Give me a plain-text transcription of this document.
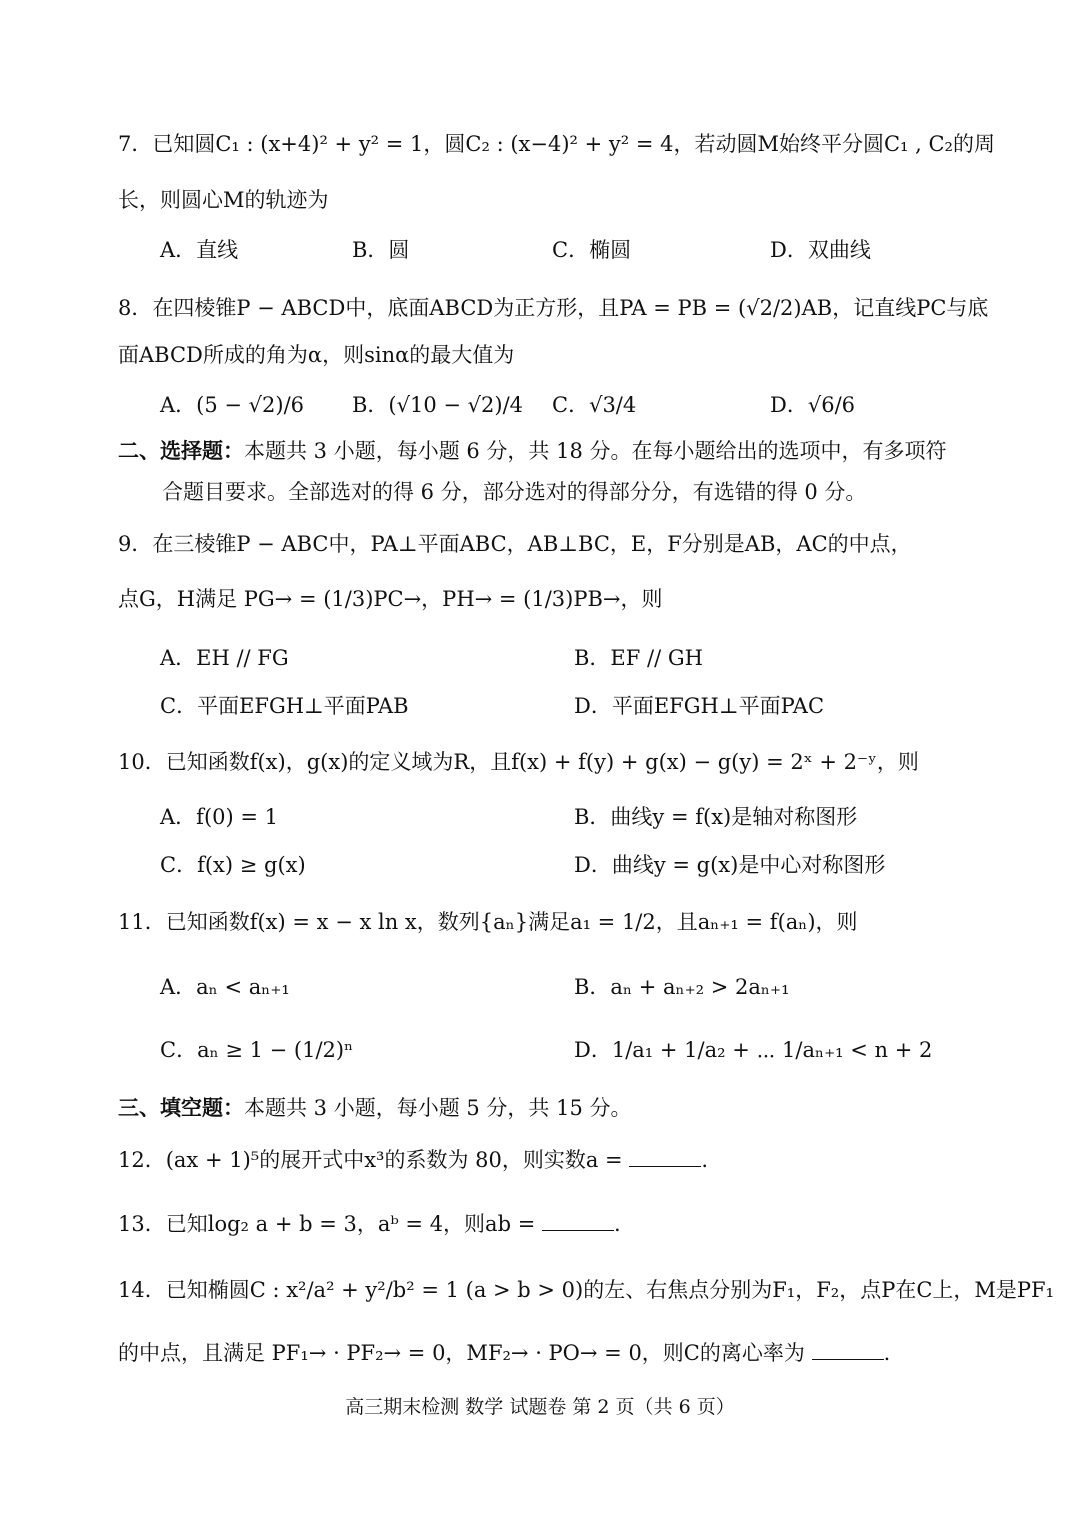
7．已知圆C₁ : (x+4)² + y² = 1，圆C₂ : (x−4)² + y² = 4，若动圆M始终平分圆C₁ , C₂的周
长，则圆心M的轨迹为
A．直线	B．圆	C．椭圆	D．双曲线
8．在四棱锥P − ABCD中，底面ABCD为正方形，且PA = PB = (√2/2)AB，记直线PC与底
面ABCD所成的角为α，则sinα的最大值为
A．(5 − √2)/6 B．(√10 − √2)/4 C．√3/4	D．√6/6
二、选择题：本题共 3 小题，每小题 6 分，共 18 分。在每小题给出的选项中，有多项符
合题目要求。全部选对的得 6 分，部分选对的得部分分，有选错的得 0 分。
9．在三棱锥P − ABC中，PA⊥平面ABC，AB⊥BC，E，F分别是AB，AC的中点，
点G，H满足 PG→ = (1/3)PC→，PH→ = (1/3)PB→，则
A．EH // FG	B．EF // GH
C．平面EFGH⊥平面PAB	D．平面EFGH⊥平面PAC
10．已知函数f(x)，g(x)的定义域为R，且f(x) + f(y) + g(x) − g(y) = 2ˣ + 2⁻ʸ，则
A．f(0) = 1	B．曲线y = f(x)是轴对称图形
C．f(x) ≥ g(x)	D．曲线y = g(x)是中心对称图形
11．已知函数f(x) = x − x ln x，数列{aₙ}满足a₁ = 1/2，且aₙ₊₁ = f(aₙ)，则
A．aₙ < aₙ₊₁	B．aₙ + aₙ₊₂ > 2aₙ₊₁
C．aₙ ≥ 1 − (1/2)ⁿ	D．1/a₁ + 1/a₂ + ⋯ 1/aₙ₊₁ < n + 2
三、填空题：本题共 3 小题，每小题 5 分，共 15 分。
12．(ax + 1)⁵的展开式中x³的系数为 80，则实数a =	.
13．已知log₂ a + b = 3，aᵇ = 4，则ab =	.
14．已知椭圆C : x²/a² + y²/b² = 1 (a > b > 0)的左、右焦点分别为F₁，F₂，点P在C上，M是PF₁
的中点，且满足 PF₁→ · PF₂→ = 0，MF₂→ · PO→ = 0，则C的离心率为	.
高三期末检测 数学 试题卷 第 2 页（共 6 页）
